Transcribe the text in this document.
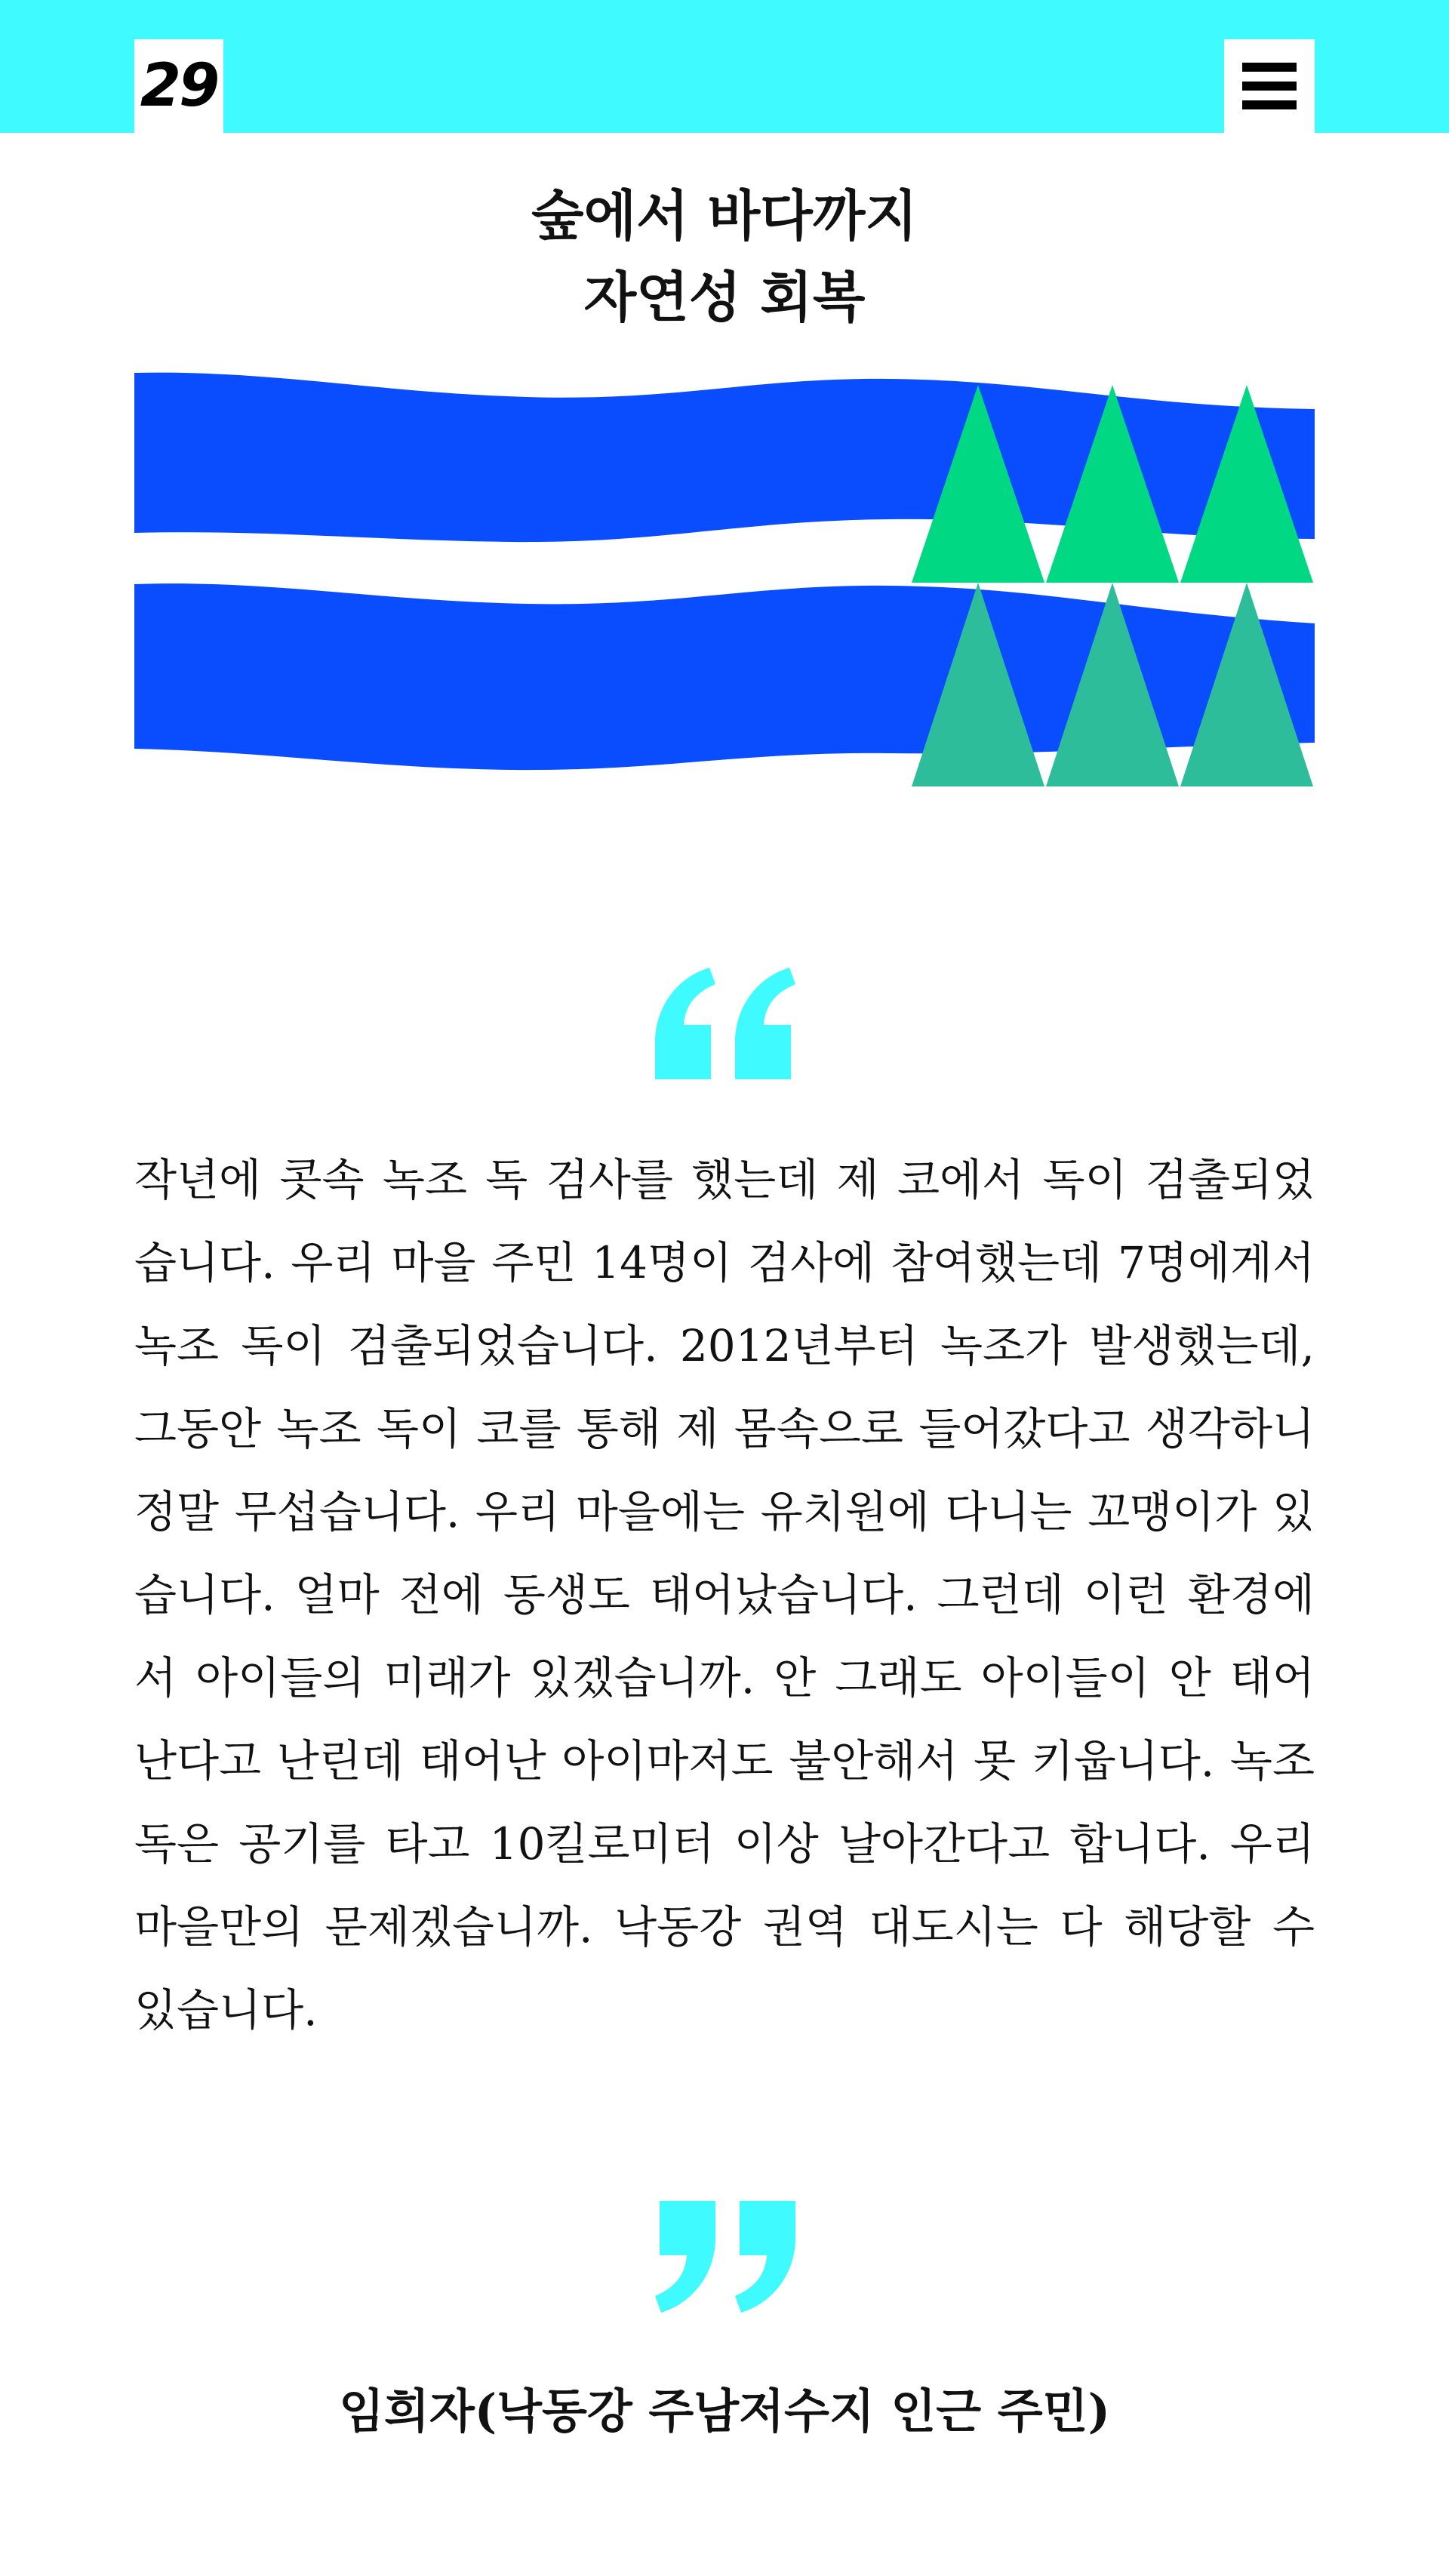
29
숲에서 바다까지
자연성 회복
작년에 콧속 녹조 독 검사를 했는데 제 코에서 독이 검출되었습니다. 우리 마을 주민 14명이 검사에 참여했는데 7명에게서 녹조 독이 검출되었습니다. 2012년부터 녹조가 발생했는데, 그동안 녹조 독이 코를 통해 제 몸속으로 들어갔다고 생각하니 정말 무섭습니다. 우리 마을에는 유치원에 다니는 꼬맹이가 있습니다. 얼마 전에 동생도 태어났습니다. 그런데 이런 환경에서 아이들의 미래가 있겠습니까. 안 그래도 아이들이 안 태어난다고 난린데 태어난 아이마저도 불안해서 못 키웁니다. 녹조 독은 공기를 타고 10킬로미터 이상 날아간다고 합니다. 우리 마을만의 문제겠습니까. 낙동강 권역 대도시는 다 해당할 수 있습니다.
임희자(낙동강 주남저수지 인근 주민)
